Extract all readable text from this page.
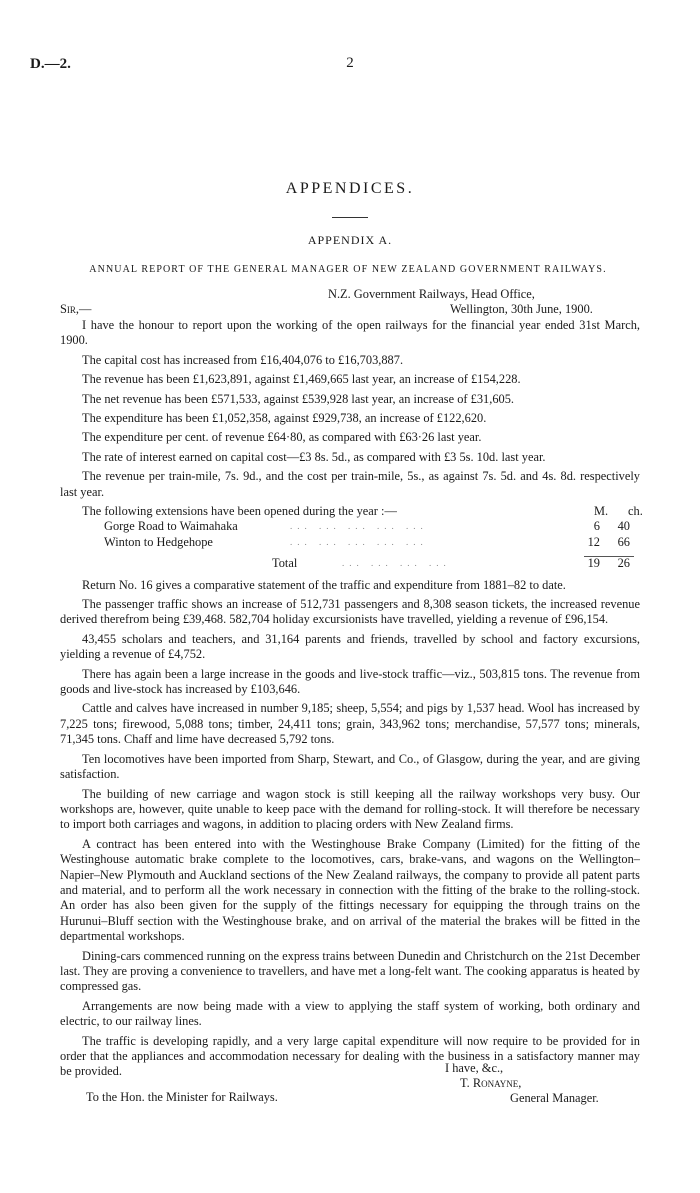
D.—2.	2
APPENDICES.
APPENDIX A.
ANNUAL REPORT OF THE GENERAL MANAGER OF NEW ZEALAND GOVERNMENT RAILWAYS.
N.Z. Government Railways, Head Office,
Wellington, 30th June, 1900.
Sir,—

I have the honour to report upon the working of the open railways for the financial year ended 31st March, 1900.

The capital cost has increased from £16,404,076 to £16,703,887.

The revenue has been £1,623,891, against £1,469,665 last year, an increase of £154,228.

The net revenue has been £571,533, against £539,928 last year, an increase of £31,605.

The expenditure has been £1,052,358, against £929,738, an increase of £122,620.

The expenditure per cent. of revenue £64·80, as compared with £63·26 last year.

The rate of interest earned on capital cost—£3 8s. 5d., as compared with £3 5s. 10d. last year.

The revenue per train-mile, 7s. 9d., and the cost per train-mile, 5s., as against 7s. 5d. and 4s. 8d. respectively last year.

The following extensions have been opened during the year :—	M.	ch.
Gorge Road to Waimahaka	... ... ... ... ...	6 40
Winton to Hedgehope	... ... ... ... ...	12 66
Total	... ... ... ...	19 26

Return No. 16 gives a comparative statement of the traffic and expenditure from 1881–82 to date.

The passenger traffic shows an increase of 512,731 passengers and 8,308 season tickets, the increased revenue derived therefrom being £39,468. 582,704 holiday excursionists have travelled, yielding a revenue of £96,154.

43,455 scholars and teachers, and 31,164 parents and friends, travelled by school and factory excursions, yielding a revenue of £4,752.

There has again been a large increase in the goods and live-stock traffic—viz., 503,815 tons. The revenue from goods and live-stock has increased by £103,646.

Cattle and calves have increased in number 9,185; sheep, 5,554; and pigs by 1,537 head. Wool has increased by 7,225 tons; firewood, 5,088 tons; timber, 24,411 tons; grain, 343,962 tons; merchandise, 57,577 tons; minerals, 71,345 tons. Chaff and lime have decreased 5,792 tons.

Ten locomotives have been imported from Sharp, Stewart, and Co., of Glasgow, during the year, and are giving satisfaction.

The building of new carriage and wagon stock is still keeping all the railway workshops very busy. Our workshops are, however, quite unable to keep pace with the demand for rolling-stock. It will therefore be necessary to import both carriages and wagons, in addition to placing orders with New Zealand firms.

A contract has been entered into with the Westinghouse Brake Company (Limited) for the fitting of the Westinghouse automatic brake complete to the locomotives, cars, brake-vans, and wagons on the Wellington–Napier–New Plymouth and Auckland sections of the New Zealand railways, the company to provide all patent parts and material, and to perform all the work necessary in connection with the fitting of the brake to the rolling-stock. An order has also been given for the supply of the fittings necessary for equipping the through trains on the Hurunui–Bluff section with the Westinghouse brake, and on arrival of the material the brakes will be fitted in the departmental workshops.

Dining-cars commenced running on the express trains between Dunedin and Christchurch on the 21st December last. They are proving a convenience to travellers, and have met a long-felt want. The cooking apparatus is heated by compressed gas.

Arrangements are now being made with a view to applying the staff system of working, both ordinary and electric, to our railway lines.

The traffic is developing rapidly, and a very large capital expenditure will now require to be provided for in order that the appliances and accommodation necessary for dealing with the business in a satisfactory manner may be provided.	I have, &c.,
T. Ronayne,
To the Hon. the Minister for Railways.	General Manager.
